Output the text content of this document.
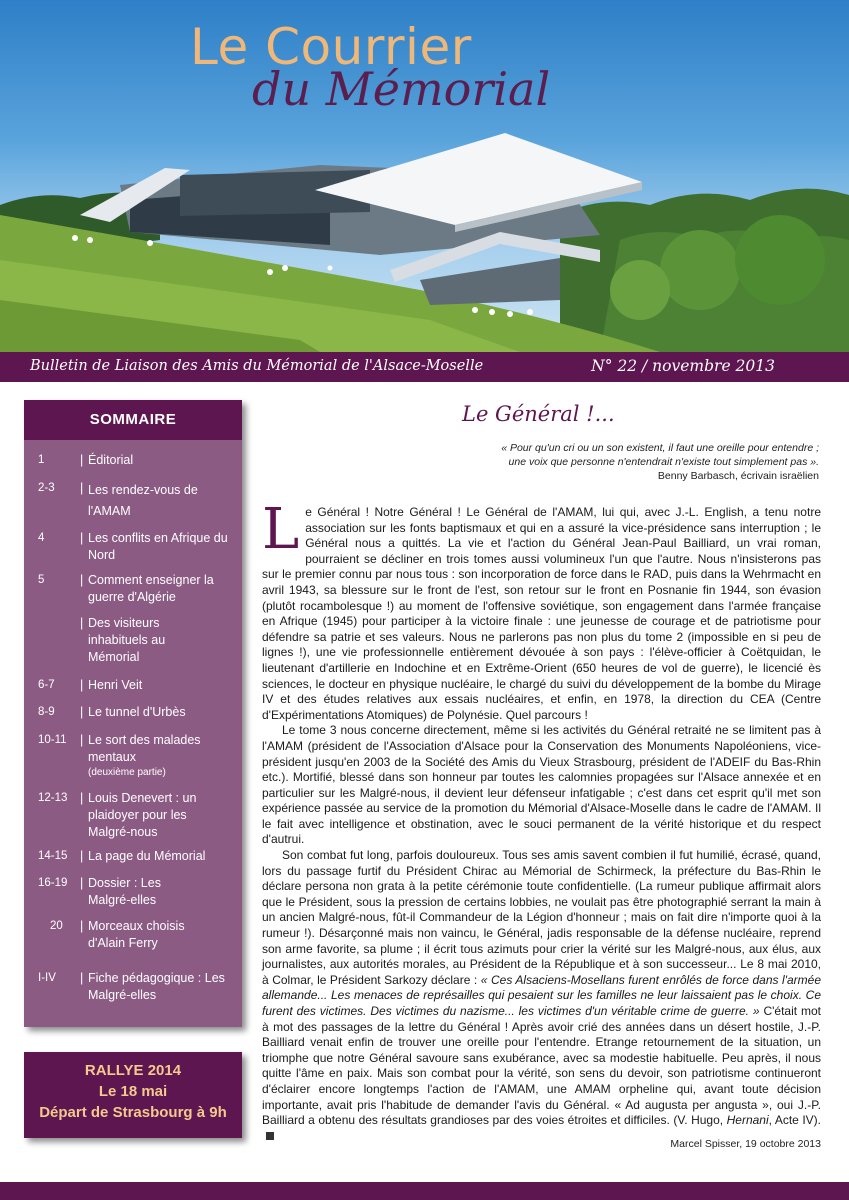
Le Courrier
du Mémorial
Bulletin de Liaison des Amis du Mémorial de l'Alsace-Moselle	N° 22 / novembre 2013
SOMMAIRE
1	| Éditorial
2-3	| Les rendez-vous de l'AMAM
4	| Les conflits en Afrique du Nord
5	| Comment enseigner la guerre d'Algérie
| Des visiteurs inhabituels au Mémorial
6-7	| Henri Veit
8-9	| Le tunnel d'Urbès
10-11	| Le sort des malades mentaux
(deuxième partie)
12-13	| Louis Denevert : un plaidoyer pour les Malgré-nous
14-15	| La page du Mémorial
16-19	| Dossier : Les Malgré-elles
20	| Morceaux choisis d'Alain Ferry
I-IV	| Fiche pédagogique : Les Malgré-elles
RALLYE 2014
Le 18 mai
Départ de Strasbourg à 9h
Le Général !...
« Pour qu'un cri ou un son existent, il faut une oreille pour entendre ;
une voix que personne n'entendrait n'existe tout simplement pas ».
Benny Barbasch, écrivain israëlien

Le Général ! Notre Général ! Le Général de l'AMAM, lui qui, avec J.-L. English, a tenu notre association sur les fonts baptismaux et qui en a assuré la vice-présidence sans interruption ; le Général nous a quittés. La vie et l'action du Général Jean-Paul Bailliard, un vrai roman, pourraient se décliner en trois tomes aussi volumineux l'un que l'autre. Nous n'insisterons pas sur le premier connu par nous tous : son incorporation de force dans le RAD, puis dans la Wehrmacht en avril 1943, sa blessure sur le front de l'est, son retour sur le front en Posnanie fin 1944, son évasion (plutôt rocambolesque !) au moment de l'offensive soviétique, son engagement dans l'armée française en Afrique (1945) pour participer à la victoire finale : une jeunesse de courage et de patriotisme pour défendre sa patrie et ses valeurs. Nous ne parlerons pas non plus du tome 2 (impossible en si peu de lignes !), une vie professionnelle entièrement dévouée à son pays : l'élève-officier à Coëtquidan, le lieutenant d'artillerie en Indochine et en Extrême-Orient (650 heures de vol de guerre), le licencié ès sciences, le docteur en physique nucléaire, le chargé du suivi du développement de la bombe du Mirage IV et des études relatives aux essais nucléaires, et enfin, en 1978, la direction du CEA (Centre d'Expérimentations Atomiques) de Polynésie. Quel parcours !

Le tome 3 nous concerne directement, même si les activités du Général retraité ne se limitent pas à l'AMAM (président de l'Association d'Alsace pour la Conservation des Monuments Napoléoniens, vice-président jusqu'en 2003 de la Société des Amis du Vieux Strasbourg, président de l'ADEIF du Bas-Rhin etc.). Mortifié, blessé dans son honneur par toutes les calomnies propagées sur l'Alsace annexée et en particulier sur les Malgré-nous, il devient leur défenseur infatigable ; c'est dans cet esprit qu'il met son expérience passée au service de la promotion du Mémorial d'Alsace-Moselle dans le cadre de l'AMAM. Il le fait avec intelligence et obstination, avec le souci permanent de la vérité historique et du respect d'autrui.

Son combat fut long, parfois douloureux. Tous ses amis savent combien il fut humilié, écrasé, quand, lors du passage furtif du Président Chirac au Mémorial de Schirmeck, la préfecture du Bas-Rhin le déclare persona non grata à la petite cérémonie toute confidentielle. (La rumeur publique affirmait alors que le Président, sous la pression de certains lobbies, ne voulait pas être photographié serrant la main à un ancien Malgré-nous, fût-il Commandeur de la Légion d'honneur ; mais on fait dire n'importe quoi à la rumeur !). Désarçonné mais non vaincu, le Général, jadis responsable de la défense nucléaire, reprend son arme favorite, sa plume ; il écrit tous azimuts pour crier la vérité sur les Malgré-nous, aux élus, aux journalistes, aux autorités morales, au Président de la République et à son successeur... Le 8 mai 2010, à Colmar, le Président Sarkozy déclare : « Ces Alsaciens-Mosellans furent enrôlés de force dans l'armée allemande... Les menaces de représailles qui pesaient sur les familles ne leur laissaient pas le choix. Ce furent des victimes. Des victimes du nazisme... les victimes d'un véritable crime de guerre. » C'était mot à mot des passages de la lettre du Général ! Après avoir crié des années dans un désert hostile, J.-P. Bailliard venait enfin de trouver une oreille pour l'entendre. Etrange retournement de la situation, un triomphe que notre Général savoure sans exubérance, avec sa modestie habituelle. Peu après, il nous quitte l'âme en paix. Mais son combat pour la vérité, son sens du devoir, son patriotisme continueront d'éclairer encore longtemps l'action de l'AMAM, une AMAM orpheline qui, avant toute décision importante, avait pris l'habitude de demander l'avis du Général. « Ad augusta per angusta », oui J.-P. Bailliard a obtenu des résultats grandioses par des voies étroites et difficiles. (V. Hugo, Hernani, Acte IV).

Marcel Spisser, 19 octobre 2013
